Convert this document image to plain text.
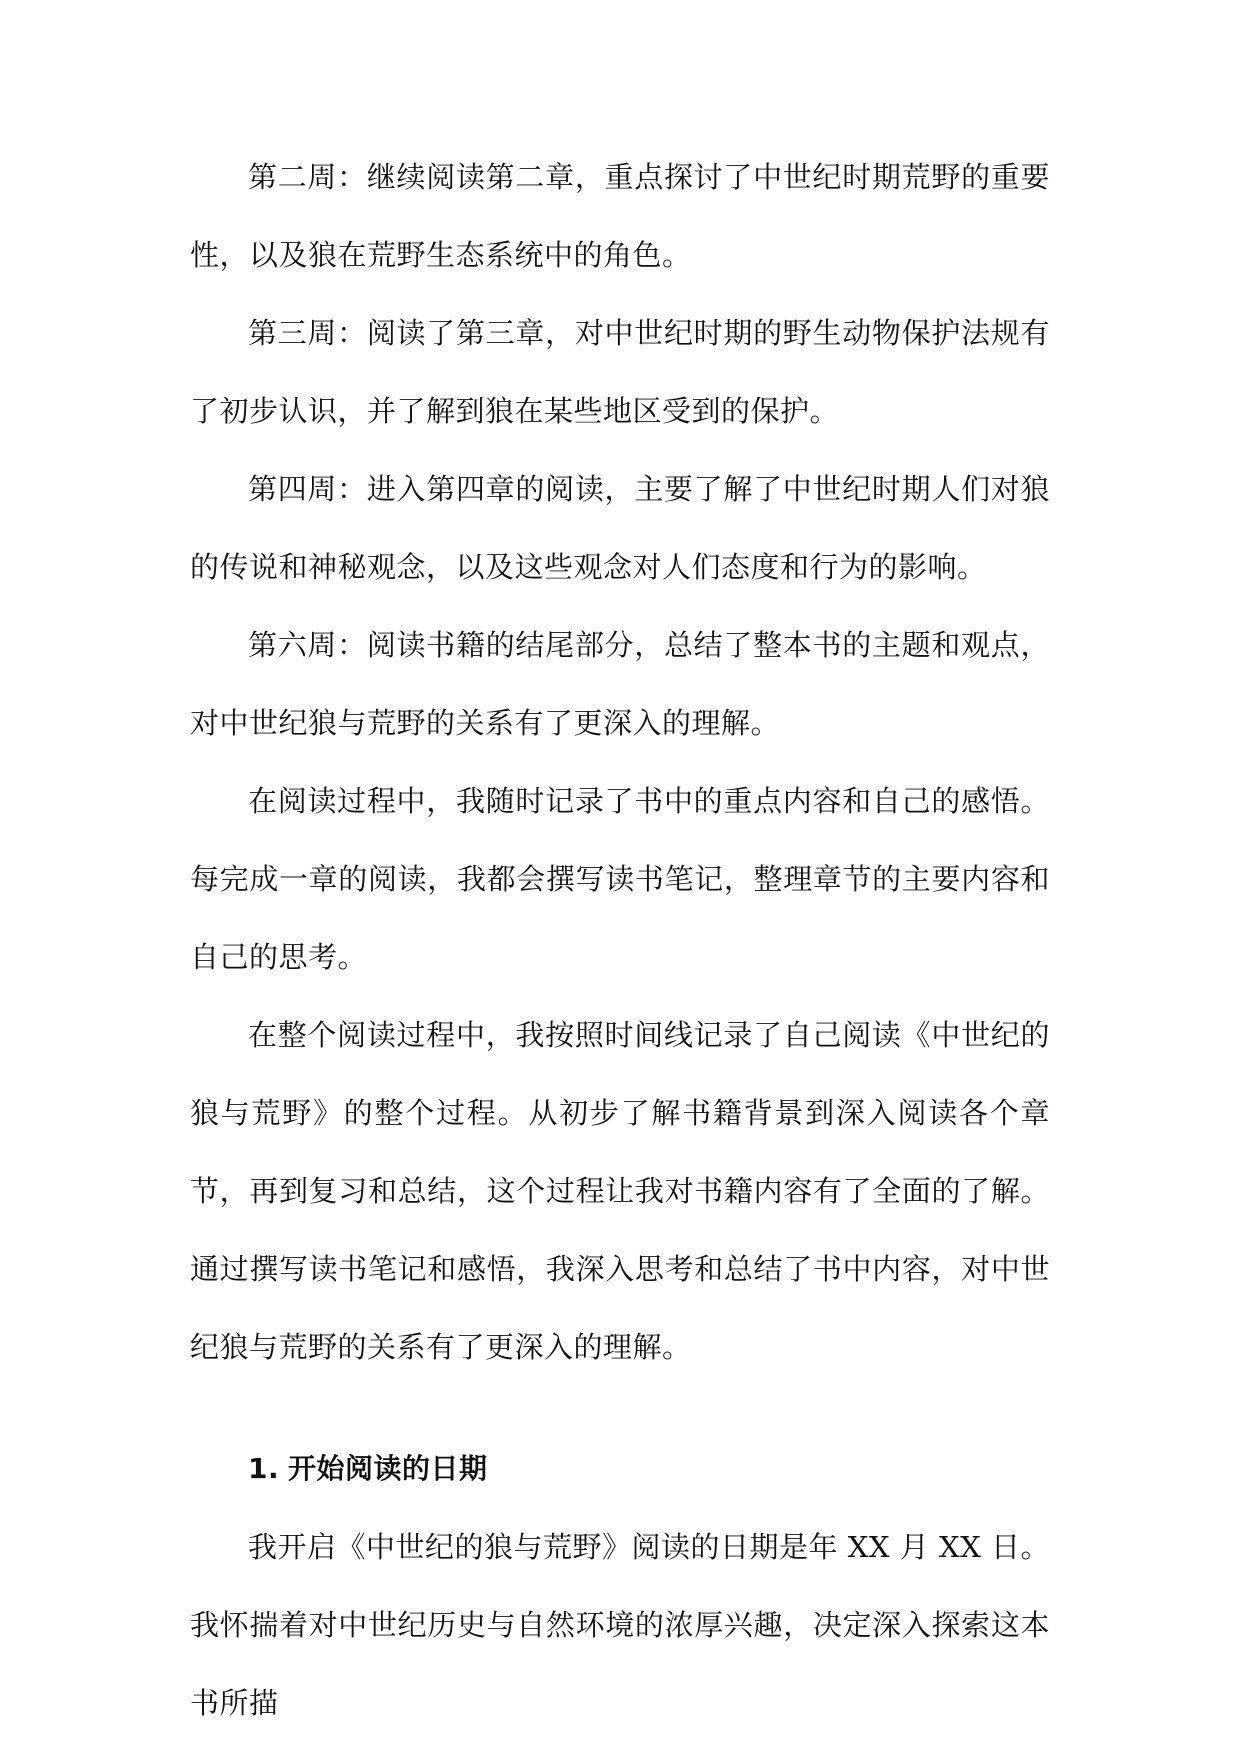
第二周：继续阅读第二章，重点探讨了中世纪时期荒野的重要性，以及狼在荒野生态系统中的角色。

第三周：阅读了第三章，对中世纪时期的野生动物保护法规有了初步认识，并了解到狼在某些地区受到的保护。

第四周：进入第四章的阅读，主要了解了中世纪时期人们对狼的传说和神秘观念，以及这些观念对人们态度和行为的影响。

第六周：阅读书籍的结尾部分，总结了整本书的主题和观点，对中世纪狼与荒野的关系有了更深入的理解。

在阅读过程中，我随时记录了书中的重点内容和自己的感悟。每完成一章的阅读，我都会撰写读书笔记，整理章节的主要内容和自己的思考。

在整个阅读过程中，我按照时间线记录了自己阅读《中世纪的狼与荒野》的整个过程。从初步了解书籍背景到深入阅读各个章节，再到复习和总结，这个过程让我对书籍内容有了全面的了解。通过撰写读书笔记和感悟，我深入思考和总结了书中内容，对中世纪狼与荒野的关系有了更深入的理解。

1. 开始阅读的日期

我开启《中世纪的狼与荒野》阅读的日期是年 XX 月 XX 日。我怀揣着对中世纪历史与自然环境的浓厚兴趣，决定深入探索这本书所描
